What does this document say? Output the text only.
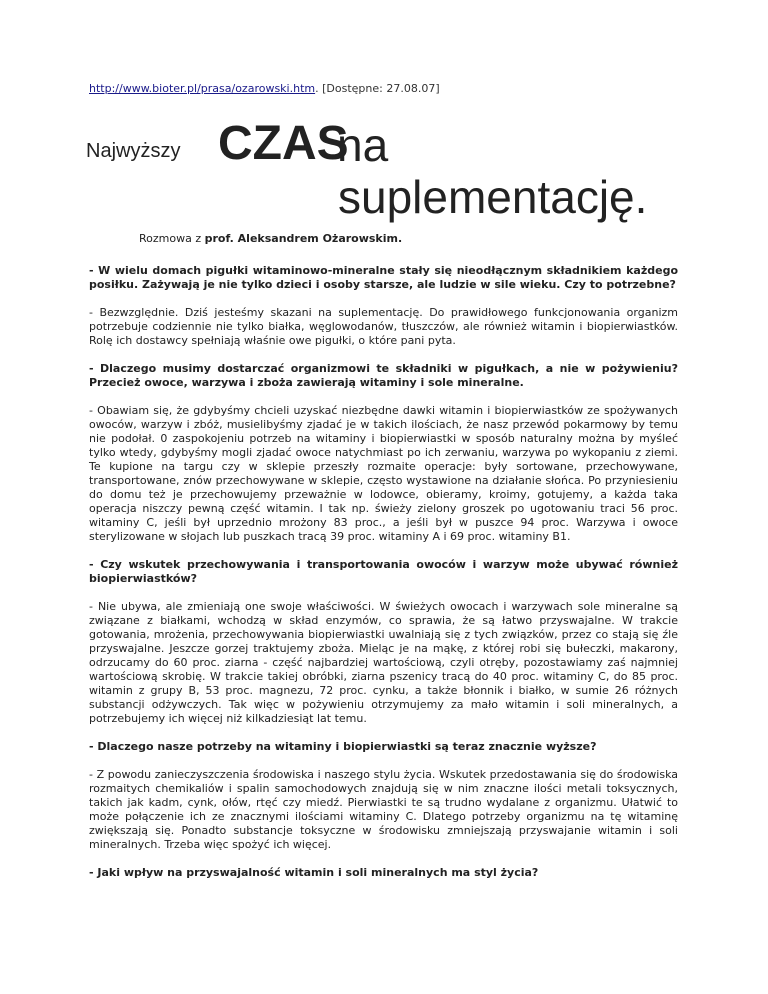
http://www.bioter.pl/prasa/ozarowski.htm. [Dostępne: 27.08.07]
Najwyższy CZAS
na
suplementację.
Rozmowa z prof. Aleksandrem Ożarowskim.

- W wielu domach pigułki witaminowo-mineralne stały się nieodłącznym składnikiem każdego posiłku. Zażywają je nie tylko dzieci i osoby starsze, ale ludzie w sile wieku. Czy to potrzebne?

- Bezwzględnie. Dziś jesteśmy skazani na suplementację. Do prawidłowego funkcjonowania organizm potrzebuje codziennie nie tylko białka, węglowodanów, tłuszczów, ale również witamin i biopierwiastków. Rolę ich dostawcy spełniają właśnie owe pigułki, o które pani pyta.

- Dlaczego musimy dostarczać organizmowi te składniki w pigułkach, a nie w pożywieniu? Przecież owoce, warzywa i zboża zawierają witaminy i sole mineralne.

- Obawiam się, że gdybyśmy chcieli uzyskać niezbędne dawki witamin i biopierwiastków ze spożywanych owoców, warzyw i zbóż, musielibyśmy zjadać je w takich ilościach, że nasz przewód pokarmowy by temu nie podołał. 0 zaspokojeniu potrzeb na witaminy i biopierwiastki w sposób naturalny można by myśleć tylko wtedy, gdybyśmy mogli zjadać owoce natychmiast po ich zerwaniu, warzywa po wykopaniu z ziemi. Te kupione na targu czy w sklepie przeszły rozmaite operacje: były sortowane, przechowywane, transportowane, znów przechowywane w sklepie, często wystawione na działanie słońca. Po przyniesieniu do domu też je przechowujemy przeważnie w lodowce, obieramy, kroimy, gotujemy, a każda taka operacja niszczy pewną część witamin. I tak np. świeży zielony groszek po ugotowaniu traci 56 proc. witaminy C, jeśli był uprzednio mrożony 83 proc., a jeśli był w puszce 94 proc. Warzywa i owoce sterylizowane w słojach lub puszkach tracą 39 proc. witaminy A i 69 proc. witaminy B1.

- Czy wskutek przechowywania i transportowania owoców i warzyw może ubywać również biopierwiastków?

- Nie ubywa, ale zmieniają one swoje właściwości. W świeżych owocach i warzywach sole mineralne są związane z białkami, wchodzą w skład enzymów, co sprawia, że są łatwo przyswajalne. W trakcie gotowania, mrożenia, przechowywania biopierwiastki uwalniają się z tych związków, przez co stają się źle przyswajalne. Jeszcze gorzej traktujemy zboża. Mieląc je na mąkę, z której robi się bułeczki, makarony, odrzucamy do 60 proc. ziarna - część najbardziej wartościową, czyli otręby, pozostawiamy zaś najmniej wartościową skrobię. W trakcie takiej obróbki, ziarna pszenicy tracą do 40 proc. witaminy C, do 85 proc. witamin z grupy B, 53 proc. magnezu, 72 proc. cynku, a także błonnik i białko, w sumie 26 różnych substancji odżywczych. Tak więc w pożywieniu otrzymujemy za mało witamin i soli mineralnych, a potrzebujemy ich więcej niż kilkadziesiąt lat temu.

- Dlaczego nasze potrzeby na witaminy i biopierwiastki są teraz znacznie wyższe?

- Z powodu zanieczyszczenia środowiska i naszego stylu życia. Wskutek przedostawania się do środowiska rozmaitych chemikaliów i spalin samochodowych znajdują się w nim znaczne ilości metali toksycznych, takich jak kadm, cynk, ołów, rtęć czy miedź. Pierwiastki te są trudno wydalane z organizmu. Ułatwić to może połączenie ich ze znacznymi ilościami witaminy C. Dlatego potrzeby organizmu na tę witaminę zwiększają się. Ponadto substancje toksyczne w środowisku zmniejszają przyswajanie witamin i soli mineralnych. Trzeba więc spożyć ich więcej.

- Jaki wpływ na przyswajalność witamin i soli mineralnych ma styl życia?
